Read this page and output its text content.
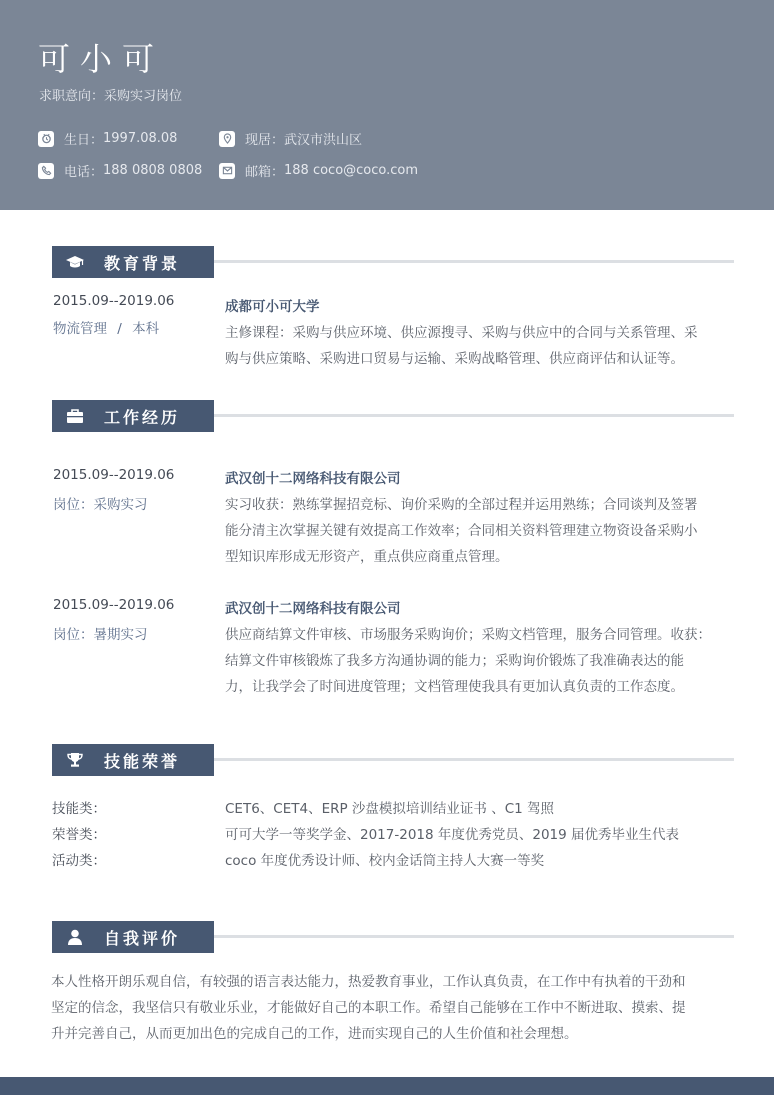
可小可
求职意向：采购实习岗位
生日： 1997.08.08
电话： 188 0808 0808
现居： 武汉市洪山区
邮箱： 188 coco@coco.com
教育背景
2015.09--2019.06
物流管理 / 本科
成都可小可大学
主修课程：采购与供应环境、供应源搜寻、采购与供应中的合同与关系管理、采
购与供应策略、采购进口贸易与运输、采购战略管理、供应商评估和认证等。
工作经历
2015.09--2019.06
岗位：采购实习
武汉创十二网络科技有限公司
实习收获：熟练掌握招竞标、询价采购的全部过程并运用熟练；合同谈判及签署
能分清主次掌握关键有效提高工作效率；合同相关资料管理建立物资设备采购小
型知识库形成无形资产，重点供应商重点管理。
2015.09--2019.06
岗位：暑期实习
武汉创十二网络科技有限公司
供应商结算文件审核、市场服务采购询价；采购文档管理，服务合同管理。收获：
结算文件审核锻炼了我多方沟通协调的能力；采购询价锻炼了我准确表达的能
力，让我学会了时间进度管理；文档管理使我具有更加认真负责的工作态度。
技能荣誉
技能类：	CET6、CET4、ERP 沙盘模拟培训结业证书 、C1 驾照
荣誉类：	可可大学一等奖学金、2017-2018 年度优秀党员、2019 届优秀毕业生代表
活动类：	coco 年度优秀设计师、校内金话筒主持人大赛一等奖
自我评价
本人性格开朗乐观自信，有较强的语言表达能力，热爱教育事业，工作认真负责，在工作中有执着的干劲和
坚定的信念，我坚信只有敬业乐业，才能做好自己的本职工作。希望自己能够在工作中不断进取、摸索、提
升并完善自己，从而更加出色的完成自己的工作，进而实现自己的人生价值和社会理想。
